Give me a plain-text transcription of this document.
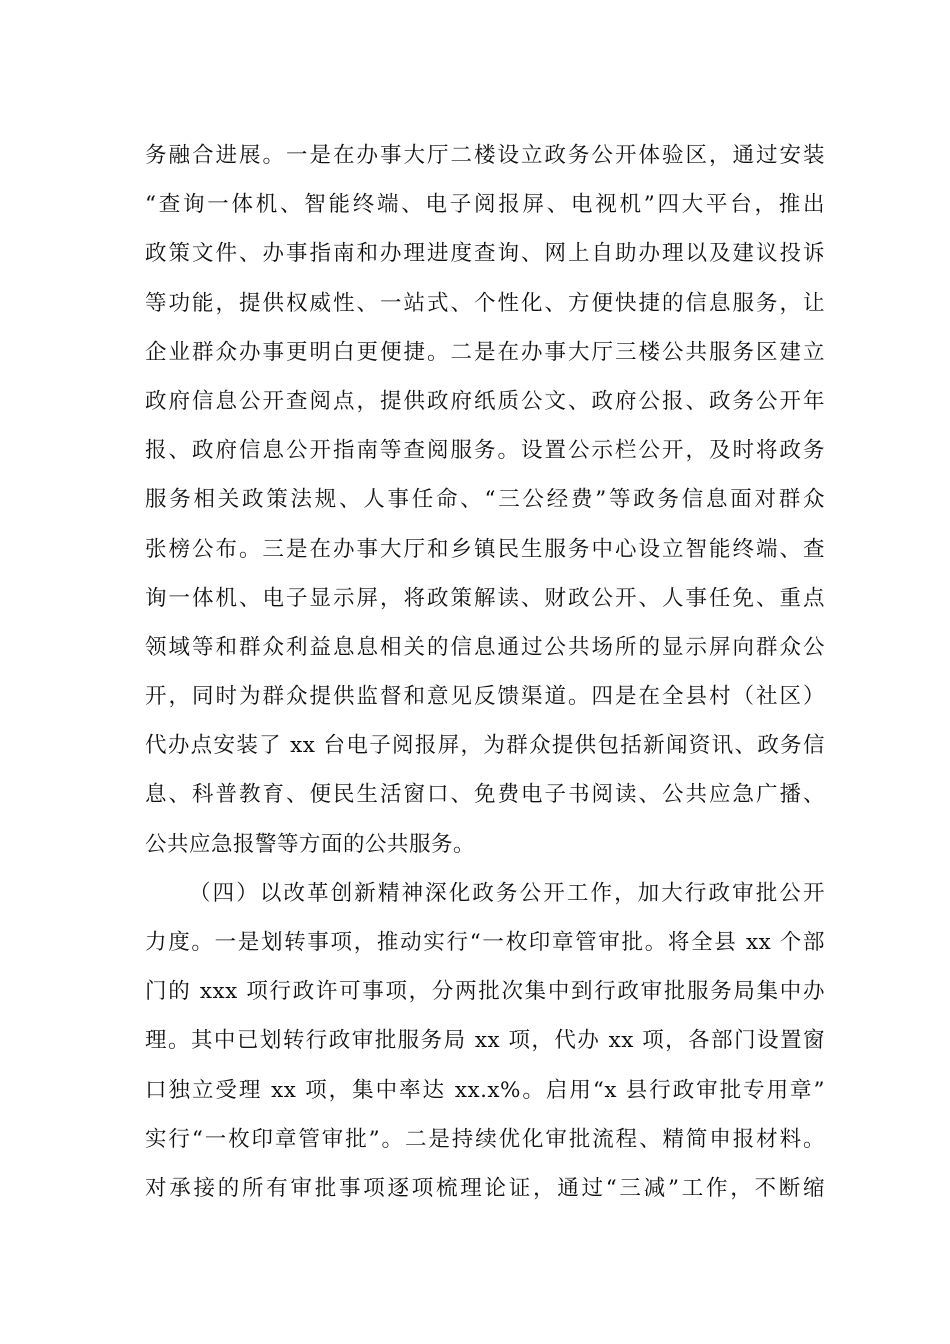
务融合进展。一是在办事大厅二楼设立政务公开体验区，通过安装
“查询一体机、智能终端、电子阅报屏、电视机”四大平台，推出
政策文件、办事指南和办理进度查询、网上自助办理以及建议投诉
等功能，提供权威性、一站式、个性化、方便快捷的信息服务，让
企业群众办事更明白更便捷。二是在办事大厅三楼公共服务区建立
政府信息公开查阅点，提供政府纸质公文、政府公报、政务公开年
报、政府信息公开指南等查阅服务。设置公示栏公开，及时将政务
服务相关政策法规、人事任命、“三公经费”等政务信息面对群众
张榜公布。三是在办事大厅和乡镇民生服务中心设立智能终端、查
询一体机、电子显示屏，将政策解读、财政公开、人事任免、重点
领域等和群众利益息息相关的信息通过公共场所的显示屏向群众公
开，同时为群众提供监督和意见反馈渠道。四是在全县村（社区）
代办点安装了 xx 台电子阅报屏，为群众提供包括新闻资讯、政务信
息、科普教育、便民生活窗口、免费电子书阅读、公共应急广播、
公共应急报警等方面的公共服务。
（四）以改革创新精神深化政务公开工作，加大行政审批公开
力度。一是划转事项，推动实行“一枚印章管审批。将全县 xx 个部
门的 xxx 项行政许可事项，分两批次集中到行政审批服务局集中办
理。其中已划转行政审批服务局 xx 项，代办 xx 项，各部门设置窗
口独立受理 xx 项，集中率达 xx.x%。启用“x 县行政审批专用章”
实行“一枚印章管审批”。二是持续优化审批流程、精简申报材料。
对承接的所有审批事项逐项梳理论证，通过“三减”工作，不断缩
